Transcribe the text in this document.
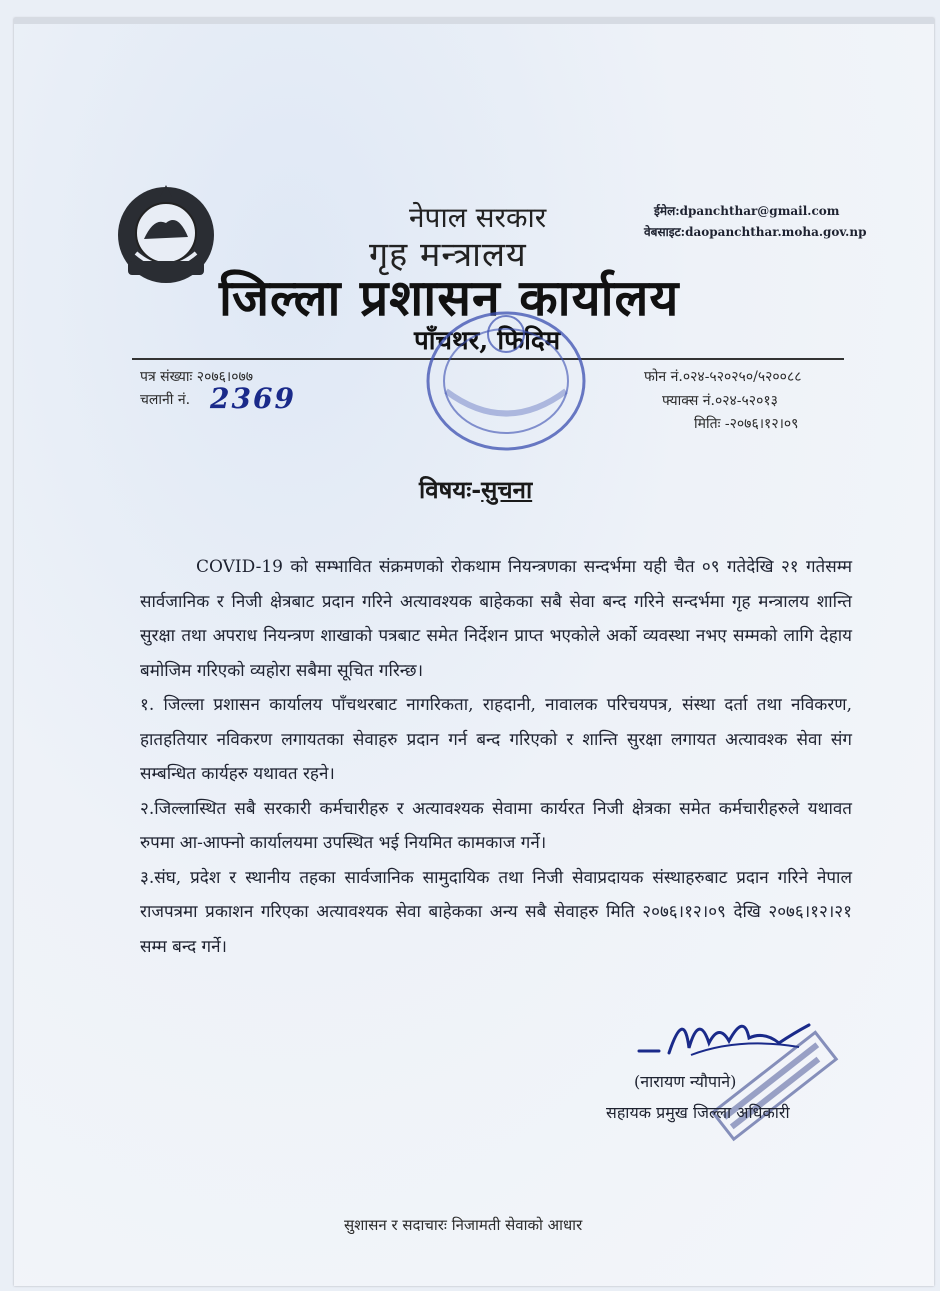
नेपाल सरकार
गृह मन्त्रालय
जिल्ला प्रशासन कार्यालय
पाँचथर, फिदिम
ईमेल:dpanchthar@gmail.com
वेबसाइट:daopanchthar.moha.gov.np
पत्र संख्याः २०७६।०७७
चलानी नं. 2369
फोन नं.०२४-५२०२५०/५२००८८
फ्याक्स नं.०२४-५२०१३
मितिः -२०७६।१२।०९
विषयः-सुचना

COVID-19 को सम्भावित संक्रमणको रोकथाम नियन्त्रणका सन्दर्भमा यही चैत ०९ गतेदेखि २१ गतेसम्म सार्वजानिक र निजी क्षेत्रबाट प्रदान गरिने अत्यावश्यक बाहेकका सबै सेवा बन्द गरिने सन्दर्भमा गृह मन्त्रालय शान्ति सुरक्षा तथा अपराध नियन्त्रण शाखाको पत्रबाट समेत निर्देशन प्राप्त भएकोले अर्को व्यवस्था नभए सम्मको लागि देहाय बमोजिम गरिएको व्यहोरा सबैमा सूचित गरिन्छ।

१. जिल्ला प्रशासन कार्यालय पाँचथरबाट नागरिकता, राहदानी, नावालक परिचयपत्र, संस्था दर्ता तथा नविकरण, हातहतियार नविकरण लगायतका सेवाहरु प्रदान गर्न बन्द गरिएको र शान्ति सुरक्षा लगायत अत्यावश्क सेवा संग सम्बन्धित कार्यहरु यथावत रहने।

२.जिल्लास्थित सबै सरकारी कर्मचारीहरु र अत्यावश्यक सेवामा कार्यरत निजी क्षेत्रका समेत कर्मचारीहरुले यथावत रुपमा आ-आफ्नो कार्यालयमा उपस्थित भई नियमित कामकाज गर्ने।

३.संघ, प्रदेश र स्थानीय तहका सार्वजानिक सामुदायिक तथा निजी सेवाप्रदायक संस्थाहरुबाट प्रदान गरिने नेपाल राजपत्रमा प्रकाशन गरिएका अत्यावश्यक सेवा बाहेकका अन्य सबै सेवाहरु मिति २०७६।१२।०९ देखि २०७६।१२।२१ सम्म बन्द गर्ने।

(नारायण न्यौपाने)
सहायक प्रमुख जिल्ला अधिकारी
सुशासन र सदाचारः निजामती सेवाको आधार
